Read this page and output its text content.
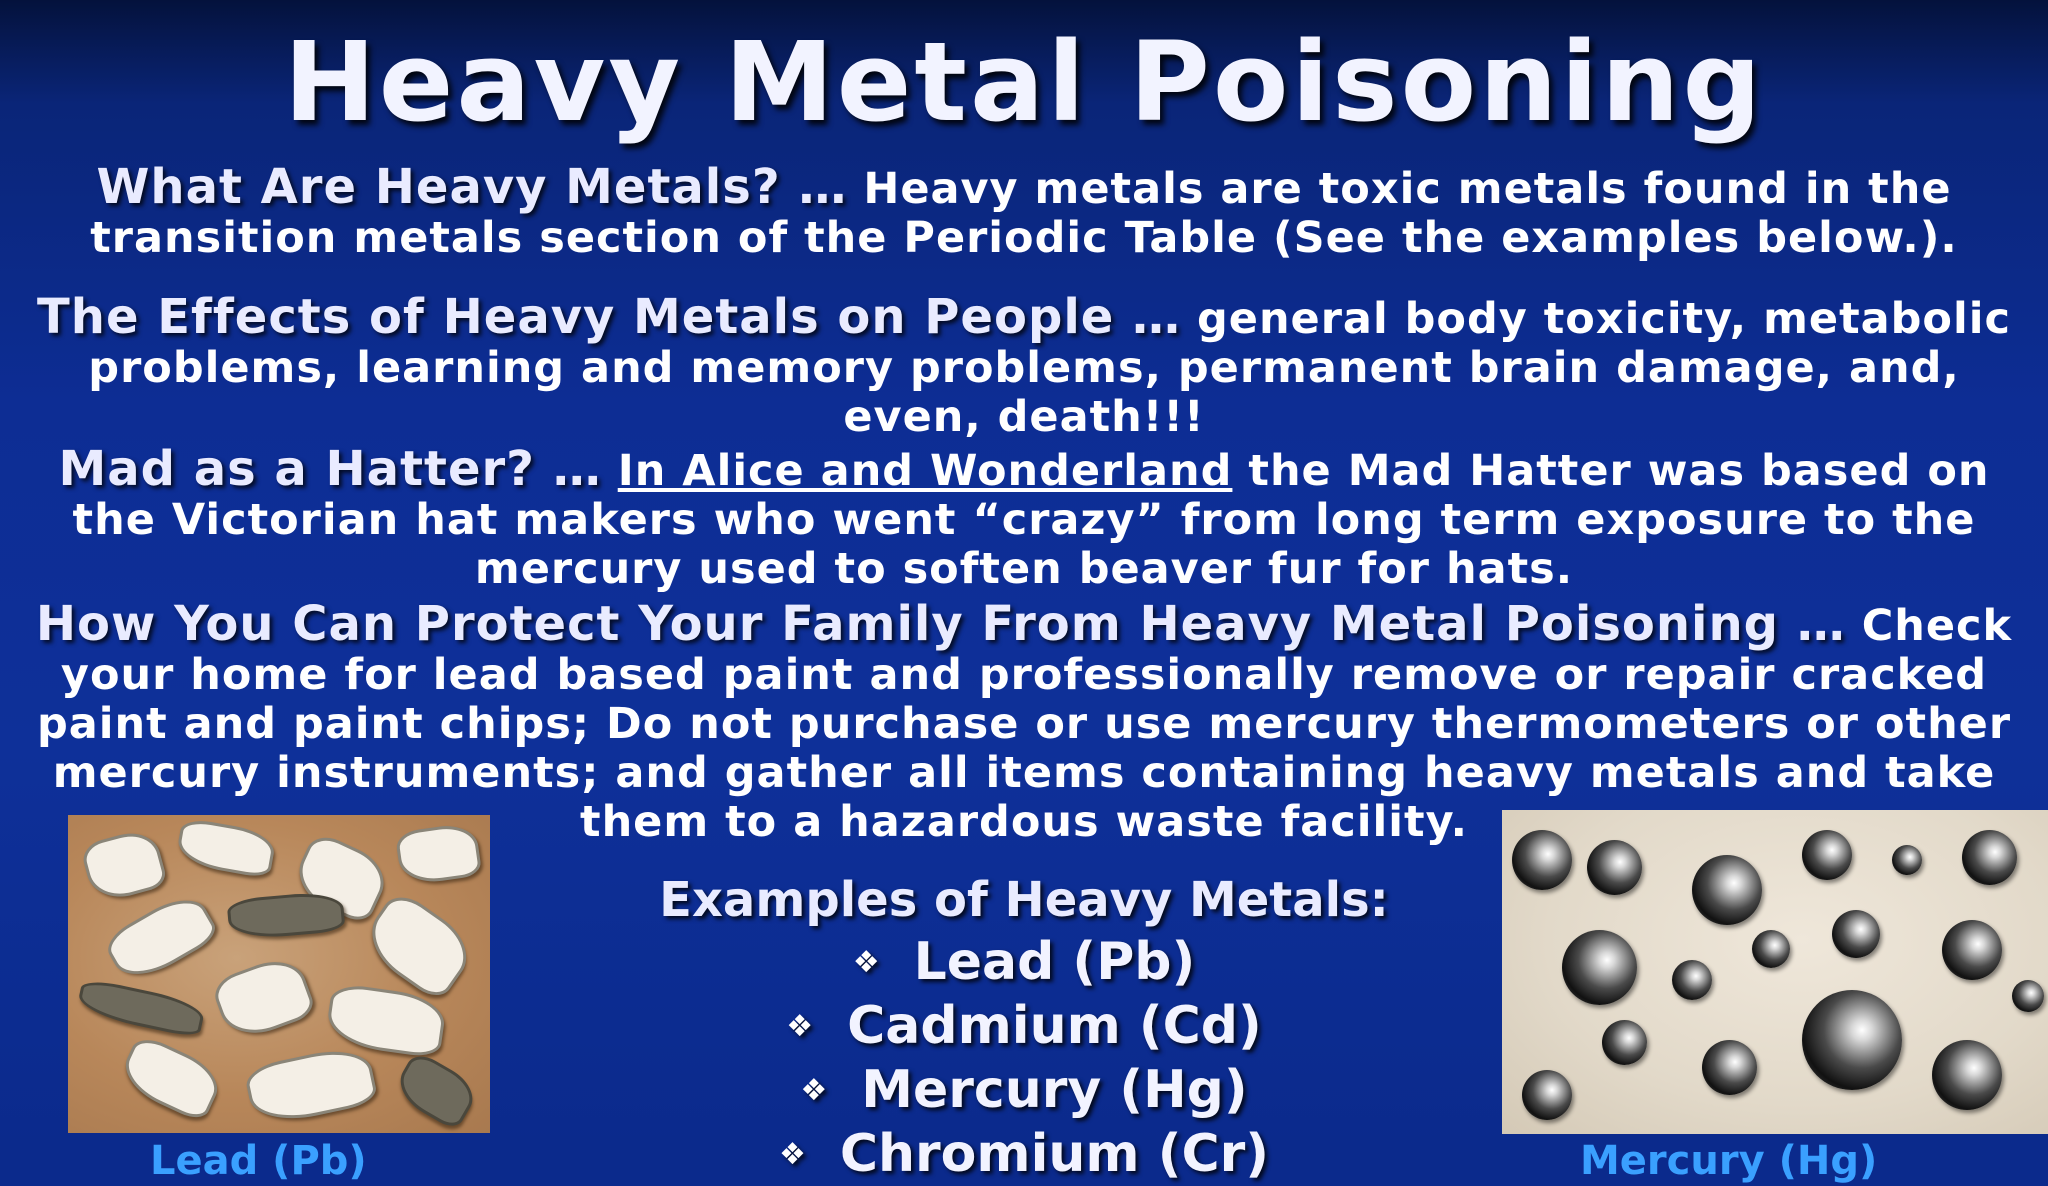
Heavy Metal Poisoning

What Are Heavy Metals? … Heavy metals are toxic metals found in the transition metals section of the Periodic Table (See the examples below.).

The Effects of Heavy Metals on People … general body toxicity, metabolic problems, learning and memory problems, permanent brain damage, and, even, death!!!

Mad as a Hatter? … In Alice and Wonderland the Mad Hatter was based on the Victorian hat makers who went “crazy” from long term exposure to the mercury used to soften beaver fur for hats.

How You Can Protect Your Family From Heavy Metal Poisoning … Check your home for lead based paint and professionally remove or repair cracked paint and paint chips; Do not purchase or use mercury thermometers or other mercury instruments; and gather all items containing heavy metals and take them to a hazardous waste facility.

Examples of Heavy Metals:
❖ Lead (Pb)
❖ Cadmium (Cd)
❖ Mercury (Hg)
❖ Chromium (Cr)

Lead (Pb)	Mercury (Hg)
